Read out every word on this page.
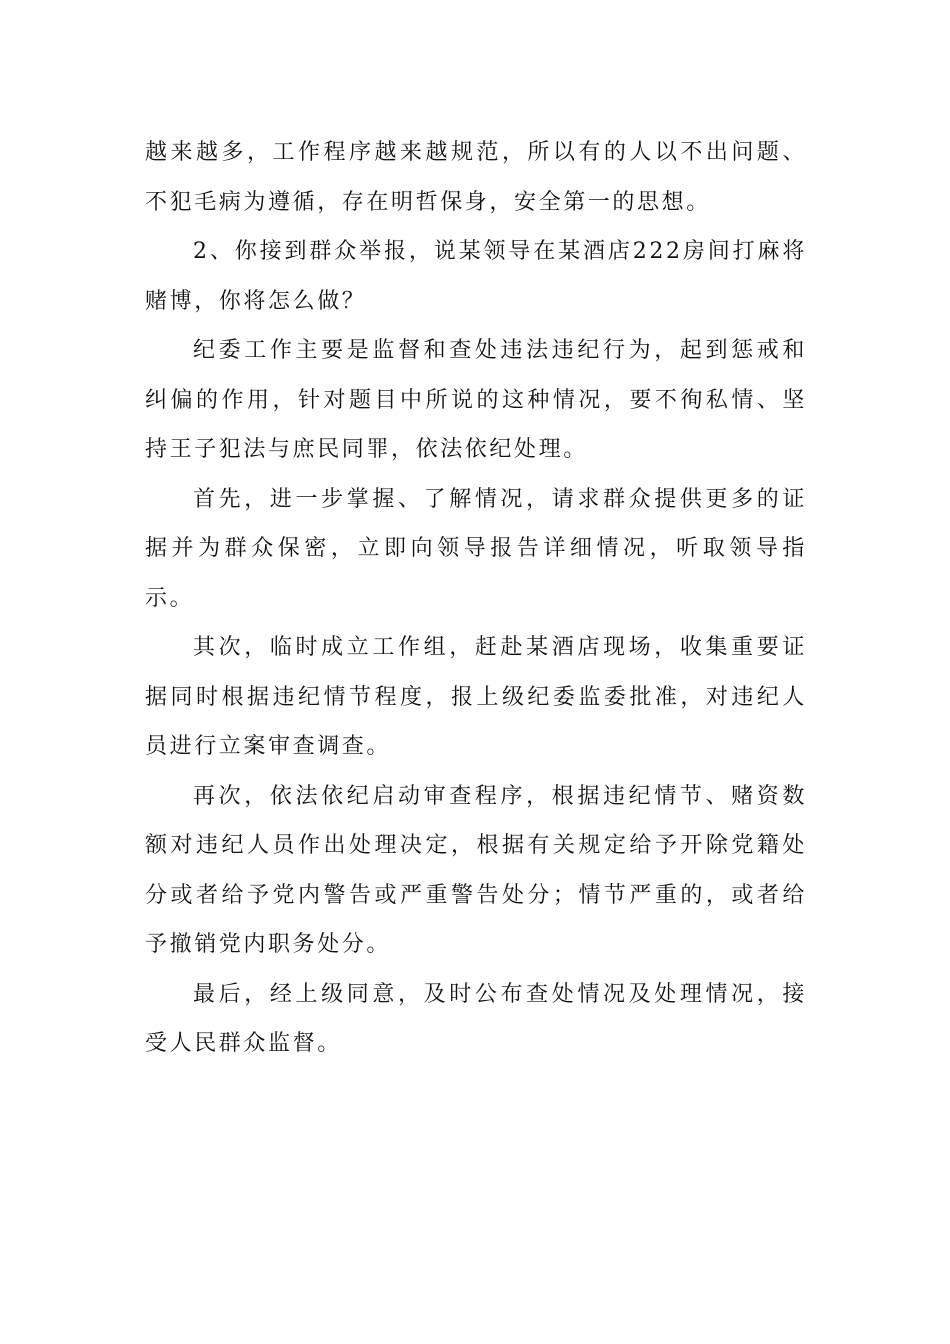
越来越多，工作程序越来越规范，所以有的人以不出问题、不犯毛病为遵循，存在明哲保身，安全第一的思想。

2、你接到群众举报，说某领导在某酒店222房间打麻将赌博，你将怎么做？

纪委工作主要是监督和查处违法违纪行为，起到惩戒和纠偏的作用，针对题目中所说的这种情况，要不徇私情、坚持王子犯法与庶民同罪，依法依纪处理。

首先，进一步掌握、了解情况，请求群众提供更多的证据并为群众保密，立即向领导报告详细情况，听取领导指示。

其次，临时成立工作组，赶赴某酒店现场，收集重要证据同时根据违纪情节程度，报上级纪委监委批准，对违纪人员进行立案审查调查。

再次，依法依纪启动审查程序，根据违纪情节、赌资数额对违纪人员作出处理决定，根据有关规定给予开除党籍处分或者给予党内警告或严重警告处分；情节严重的，或者给予撤销党内职务处分。

最后，经上级同意，及时公布查处情况及处理情况，接受人民群众监督。
